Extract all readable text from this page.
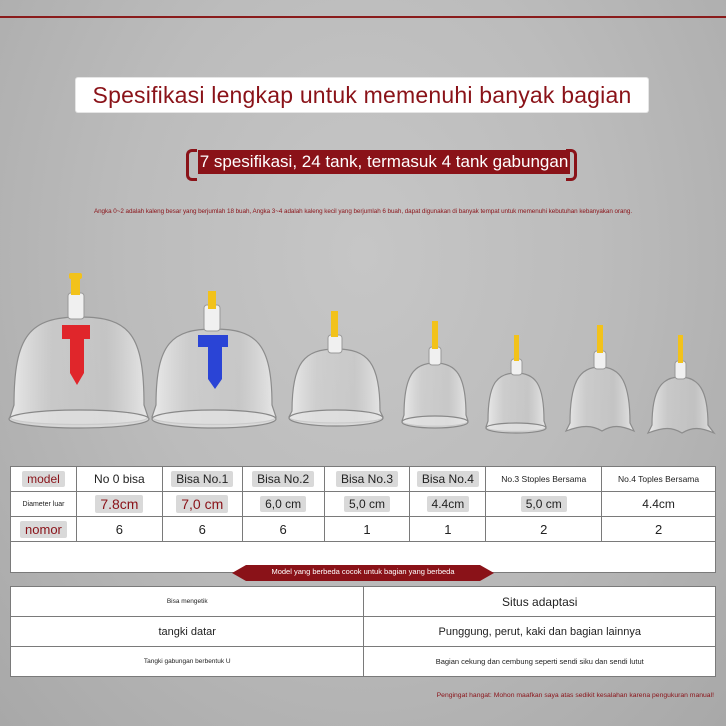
Spesifikasi lengkap untuk memenuhi banyak bagian
7 spesifikasi, 24 tank, termasuk 4 tank gabungan
Angka 0~2 adalah kaleng besar yang berjumlah 18 buah, Angka 3~4 adalah kaleng kecil yang berjumlah 6 buah, dapat digunakan di banyak tempat untuk memenuhi kebutuhan kebanyakan orang.
model	No 0 bisa	Bisa No.1	Bisa No.2	Bisa No.3	Bisa No.4	No.3 Stoples Bersama	No.4 Toples Bersama
Diameter luar	7.8cm	7,0 cm	6,0 cm	5,0 cm	4.4cm	5,0 cm	4.4cm
nomor	6	6	6	1	1	2	2

Model yang berbeda cocok untuk bagian yang berbeda
Bisa mengetik	Situs adaptasi
tangki datar	Punggung, perut, kaki dan bagian lainnya
Tangki gabungan berbentuk U	Bagian cekung dan cembung seperti sendi siku dan sendi lutut
Pengingat hangat: Mohon maafkan saya atas sedikit kesalahan karena pengukuran manual!
